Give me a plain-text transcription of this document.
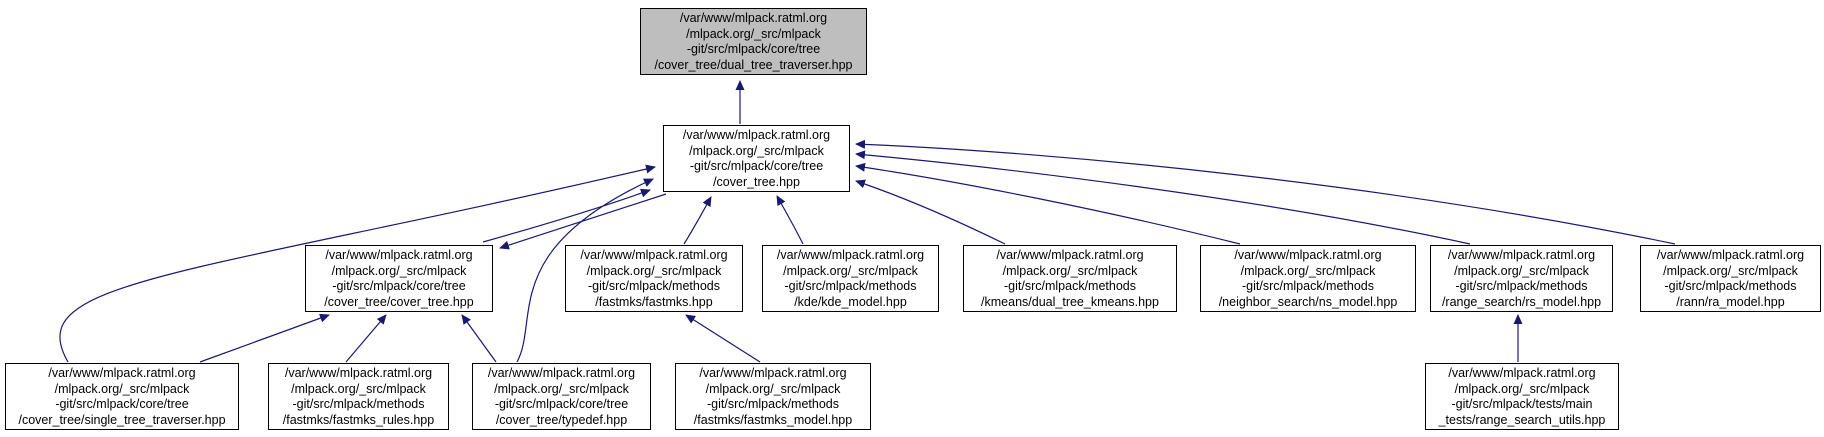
/var/www/mlpack.ratml.org
/mlpack.org/_src/mlpack
-git/src/mlpack/core/tree
/cover_tree/dual_tree_traverser.hpp
/var/www/mlpack.ratml.org
/mlpack.org/_src/mlpack
-git/src/mlpack/core/tree
/cover_tree.hpp
/var/www/mlpack.ratml.org
/mlpack.org/_src/mlpack
-git/src/mlpack/core/tree
/cover_tree/cover_tree.hpp
/var/www/mlpack.ratml.org
/mlpack.org/_src/mlpack
-git/src/mlpack/methods
/fastmks/fastmks.hpp
/var/www/mlpack.ratml.org
/mlpack.org/_src/mlpack
-git/src/mlpack/methods
/kde/kde_model.hpp
/var/www/mlpack.ratml.org
/mlpack.org/_src/mlpack
-git/src/mlpack/methods
/kmeans/dual_tree_kmeans.hpp
/var/www/mlpack.ratml.org
/mlpack.org/_src/mlpack
-git/src/mlpack/methods
/neighbor_search/ns_model.hpp
/var/www/mlpack.ratml.org
/mlpack.org/_src/mlpack
-git/src/mlpack/methods
/range_search/rs_model.hpp
/var/www/mlpack.ratml.org
/mlpack.org/_src/mlpack
-git/src/mlpack/methods
/rann/ra_model.hpp
/var/www/mlpack.ratml.org
/mlpack.org/_src/mlpack
-git/src/mlpack/core/tree
/cover_tree/single_tree_traverser.hpp
/var/www/mlpack.ratml.org
/mlpack.org/_src/mlpack
-git/src/mlpack/methods
/fastmks/fastmks_rules.hpp
/var/www/mlpack.ratml.org
/mlpack.org/_src/mlpack
-git/src/mlpack/core/tree
/cover_tree/typedef.hpp
/var/www/mlpack.ratml.org
/mlpack.org/_src/mlpack
-git/src/mlpack/methods
/fastmks/fastmks_model.hpp
/var/www/mlpack.ratml.org
/mlpack.org/_src/mlpack
-git/src/mlpack/tests/main
_tests/range_search_utils.hpp
